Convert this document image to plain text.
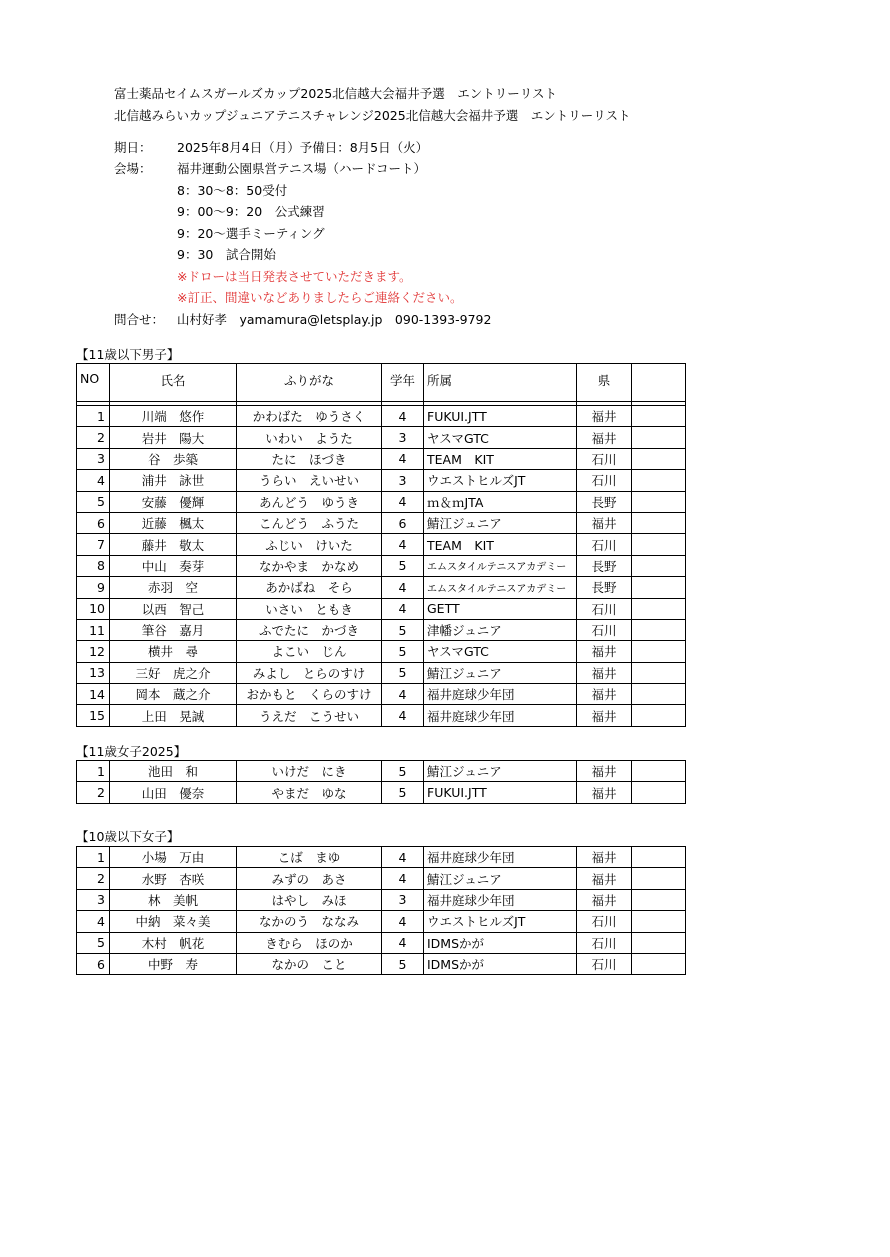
富士薬品セイムスガールズカップ2025北信越大会福井予選　エントリーリスト
北信越みらいカップジュニアテニスチャレンジ2025北信越大会福井予選　エントリーリスト
期日： 2025年8月4日（月）予備日：8月5日（火）
会場： 福井運動公園県営テニス場（ハードコート）
8：30～8：50受付
9：00～9：20　公式練習
9：20～選手ミーティング
9：30　試合開始
※ドローは当日発表させていただきます。
※訂正、間違いなどありましたらご連絡ください。
問合せ： 山村好孝　yamamura@letsplay.jp　090-1393-9792
【11歳以下男子】
NO	氏名	ふりがな	学年	所属	県	

1	川端　悠作	かわばた　ゆうさく	4	FUKUI.JTT	福井	
2	岩井　陽大	いわい　ようた	3	ヤスマGTC	福井	
3	谷　歩築	たに　ほづき	4	TEAM　KIT	石川	
4	浦井　詠世	うらい　えいせい	3	ウエストヒルズJT	石川	
5	安藤　優輝	あんどう　ゆうき	4	ｍ＆ｍJTA	長野	
6	近藤　楓太	こんどう　ふうた	6	鯖江ジュニア	福井	
7	藤井　敬太	ふじい　けいた	4	TEAM　KIT	石川	
8	中山　奏芽	なかやま　かなめ	5	エムスタイルテニスアカデミー	長野	
9	赤羽　空	あかばね　そら	4	エムスタイルテニスアカデミー	長野	
10	以西　智己	いさい　ともき	4	GETT	石川	
11	筆谷　嘉月	ふでたに　かづき	5	津幡ジュニア	石川	
12	横井　尋	よこい　じん	5	ヤスマGTC	福井	
13	三好　虎之介	みよし　とらのすけ	5	鯖江ジュニア	福井	
14	岡本　蔵之介	おかもと　くらのすけ	4	福井庭球少年団	福井	
15	上田　晃誠	うえだ　こうせい	4	福井庭球少年団	福井	
【11歳女子2025】
1	池田　和	いけだ　にき	5	鯖江ジュニア	福井	
2	山田　優奈	やまだ　ゆな	5	FUKUI.JTT	福井	
【10歳以下女子】
1	小場　万由	こば　まゆ	4	福井庭球少年団	福井	
2	水野　杏咲	みずの　あさ	4	鯖江ジュニア	福井	
3	林　美帆	はやし　みほ	3	福井庭球少年団	福井	
4	中納　菜々美	なかのう　ななみ	4	ウエストヒルズJT	石川	
5	木村　帆花	きむら　ほのか	4	IDMSかが	石川	
6	中野　寿	なかの　こと	5	IDMSかが	石川	
